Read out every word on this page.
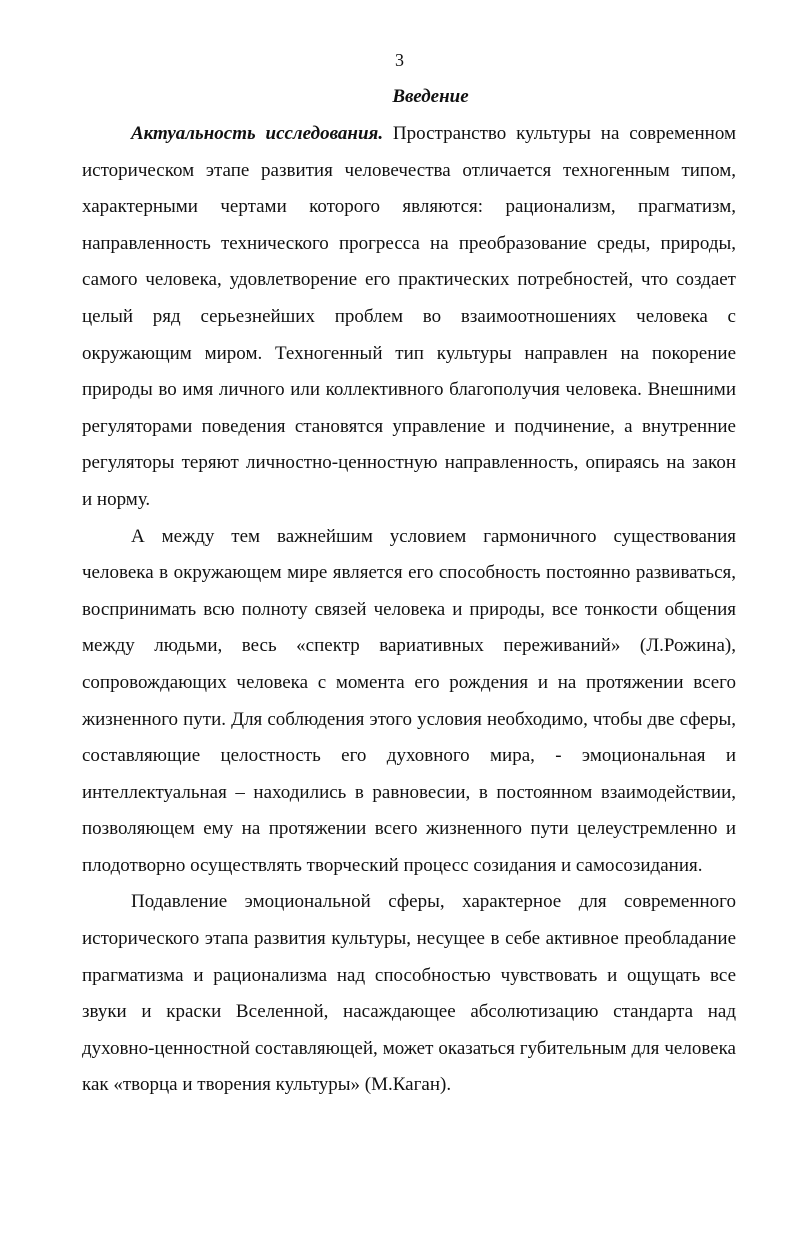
3
Введение

Актуальность исследования. Пространство культуры на современном историческом этапе развития человечества отличается техногенным типом, характерными чертами которого являются: рационализм, прагматизм, направленность технического прогресса на преобразование среды, природы, самого человека, удовлетворение его практических потребностей, что создает целый ряд серьезнейших проблем во взаимоотношениях человека с окружающим миром. Техногенный тип культуры направлен на покорение природы во имя личного или коллективного благополучия человека. Внешними регуляторами поведения становятся управление и подчинение, а внутренние регуляторы теряют личностно-ценностную направленность, опираясь на закон и норму.

А между тем важнейшим условием гармоничного существования человека в окружающем мире является его способность постоянно развиваться, воспринимать всю полноту связей человека и природы, все тонкости общения между людьми, весь «спектр вариативных переживаний» (Л.Рожина), сопровождающих человека с момента его рождения и на протяжении всего жизненного пути. Для соблюдения этого условия необходимо, чтобы две сферы, составляющие целостность его духовного мира, - эмоциональная и интеллектуальная – находились в равновесии, в постоянном взаимодействии, позволяющем ему на протяжении всего жизненного пути целеустремленно и плодотворно осуществлять творческий процесс созидания и самосозидания.

Подавление эмоциональной сферы, характерное для современного исторического этапа развития культуры, несущее в себе активное преобладание прагматизма и рационализма над способностью чувствовать и ощущать все звуки и краски Вселенной, насаждающее абсолютизацию стандарта над духовно-ценностной составляющей, может оказаться губительным для человека как «творца и творения культуры» (М.Каган).
